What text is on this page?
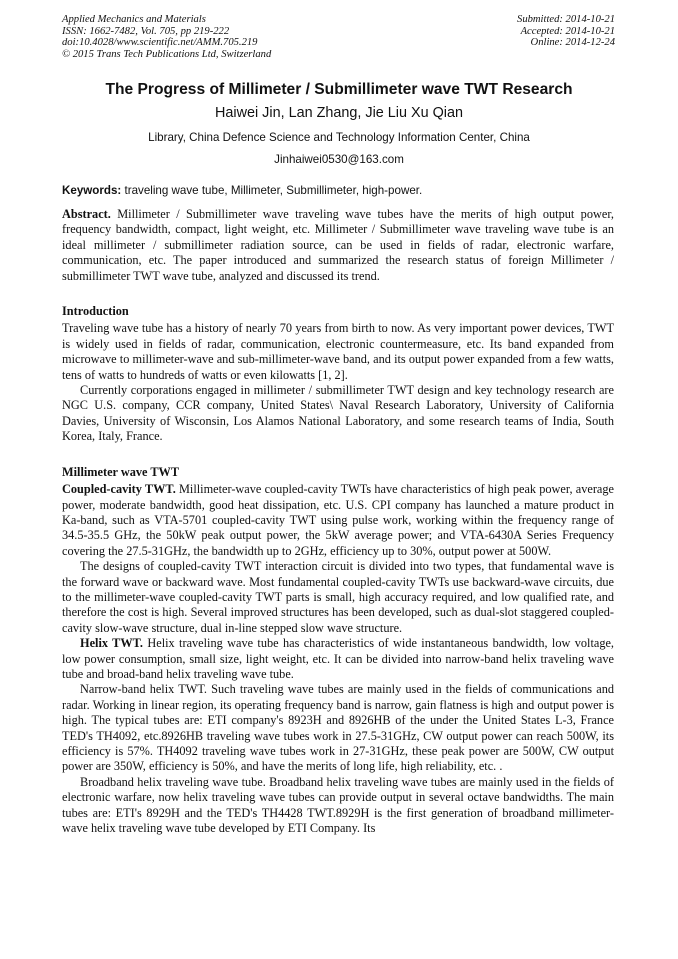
Applied Mechanics and Materials
ISSN: 1662-7482, Vol. 705, pp 219-222
doi:10.4028/www.scientific.net/AMM.705.219
© 2015 Trans Tech Publications Ltd, Switzerland
Submitted: 2014-10-21
Accepted: 2014-10-21
Online: 2014-12-24
The Progress of Millimeter / Submillimeter wave TWT Research
Haiwei Jin, Lan Zhang, Jie Liu Xu Qian
Library, China Defence Science and Technology Information Center, China
Jinhaiwei0530@163.com
Keywords: traveling wave tube, Millimeter, Submillimeter, high-power.

Abstract. Millimeter / Submillimeter wave traveling wave tubes have the merits of high output power, frequency bandwidth, compact, light weight, etc. Millimeter / Submillimeter wave traveling wave tube is an ideal millimeter / submillimeter radiation source, can be used in fields of radar, electronic warfare, communication, etc. The paper introduced and summarized the research status of foreign Millimeter / submillimeter TWT wave tube, analyzed and discussed its trend.

Introduction

Traveling wave tube has a history of nearly 70 years from birth to now. As very important power devices, TWT is widely used in fields of radar, communication, electronic countermeasure, etc. Its band expanded from microwave to millimeter-wave and sub-millimeter-wave band, and its output power expanded from a few watts, tens of watts to hundreds of watts or even kilowatts [1, 2].

Currently corporations engaged in millimeter / submillimeter TWT design and key technology research are NGC U.S. company, CCR company, United States\ Naval Research Laboratory, University of California Davies, University of Wisconsin, Los Alamos National Laboratory, and some research teams of India, South Korea, Italy, France.

Millimeter wave TWT

Coupled-cavity TWT. Millimeter-wave coupled-cavity TWTs have characteristics of high peak power, average power, moderate bandwidth, good heat dissipation, etc. U.S. CPI company has launched a mature product in Ka-band, such as VTA-5701 coupled-cavity TWT using pulse work, working within the frequency range of 34.5-35.5 GHz, the 50kW peak output power, the 5kW average power; and VTA-6430A Series Frequency covering the 27.5-31GHz, the bandwidth up to 2GHz, efficiency up to 30%, output power at 500W.

The designs of coupled-cavity TWT interaction circuit is divided into two types, that fundamental wave is the forward wave or backward wave. Most fundamental coupled-cavity TWTs use backward-wave circuits, due to the millimeter-wave coupled-cavity TWT parts is small, high accuracy required, and low qualified rate, and therefore the cost is high. Several improved structures has been developed, such as dual-slot staggered coupled-cavity slow-wave structure, dual in-line stepped slow wave structure.

Helix TWT. Helix traveling wave tube has characteristics of wide instantaneous bandwidth, low voltage, low power consumption, small size, light weight, etc. It can be divided into narrow-band helix traveling wave tube and broad-band helix traveling wave tube.

Narrow-band helix TWT. Such traveling wave tubes are mainly used in the fields of communications and radar. Working in linear region, its operating frequency band is narrow, gain flatness is high and output power is high. The typical tubes are: ETI company's 8923H and 8926HB of the under the United States L-3, France TED's TH4092, etc.8926HB traveling wave tubes work in 27.5-31GHz, CW output power can reach 500W, its efficiency is 57%. TH4092 traveling wave tubes work in 27-31GHz, these peak power are 500W, CW output power are 350W, efficiency is 50%, and have the merits of long life, high reliability, etc. .

Broadband helix traveling wave tube. Broadband helix traveling wave tubes are mainly used in the fields of electronic warfare, now helix traveling wave tubes can provide output in several octave bandwidths. The main tubes are: ETI's 8929H and the TED's TH4428 TWT.8929H is the first generation of broadband millimeter-wave helix traveling wave tube developed by ETI Company. Its
